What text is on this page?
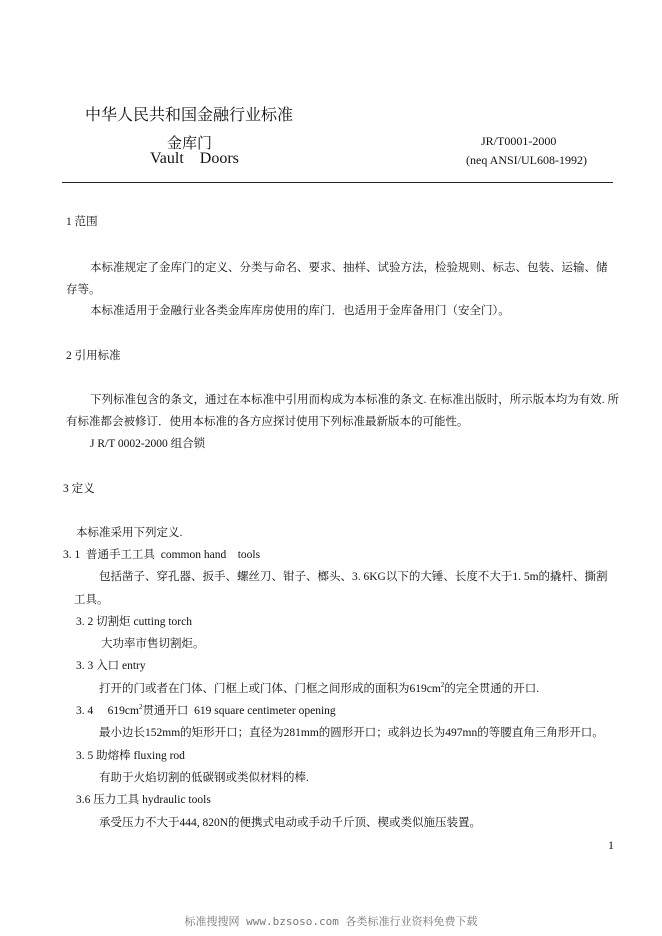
中华人民共和国金融行业标准
金库门
Vault    Doors
JR/T0001-2000
(neq ANSI/UL608-1992)
1 范围
本标准规定了金库门的定义、分类与命名、要求、抽样、试验方法，检验规则、标志、包装、运输、储
存等。
本标准适用于金融行业各类金库库房使用的库门．也适用于金库备用门（安全门）。
2 引用标准
下列标准包含的条文，通过在本标准中引用而构成为本标准的条文. 在标准出版时，所示版本均为有效. 所
有标准都会被修订．使用本标准的各方应探讨使用下列标准最新版本的可能性。
J R/T 0002-2000 组合锁
3 定义
本标准采用下列定义.
3. 1  普通手工工具  common hand    tools
包括凿子、穿孔器、扳手、螺丝刀、钳子、榔头、3. 6KG以下的大锤、长度不大于1. 5m的撬杆、撕割
工具。
3. 2 切割炬 cutting torch
大功率市售切割炬。
3. 3 入口 entry
打开的门或者在门体、门框上或门体、门框之间形成的面积为$619cm^2$的完全贯通的开口.
3. 4     $619cm^2$贯通开口  619 square centimeter opening
最小边长152mm的矩形开口；直径为281mm的圆形开口；或斜边长为497mn的等腰直角三角形开口。
3. 5 助熔棒 fluxing rod
有助于火焰切割的低碳钢或类似材料的棒.
3.6 压力工具 hydraulic tools
承受压力不大于444, 820N的便携式电动或手动千斤顶、楔或类似施压装置。
1
标准搜搜网 www.bzsoso.com 各类标准行业资料免费下载
